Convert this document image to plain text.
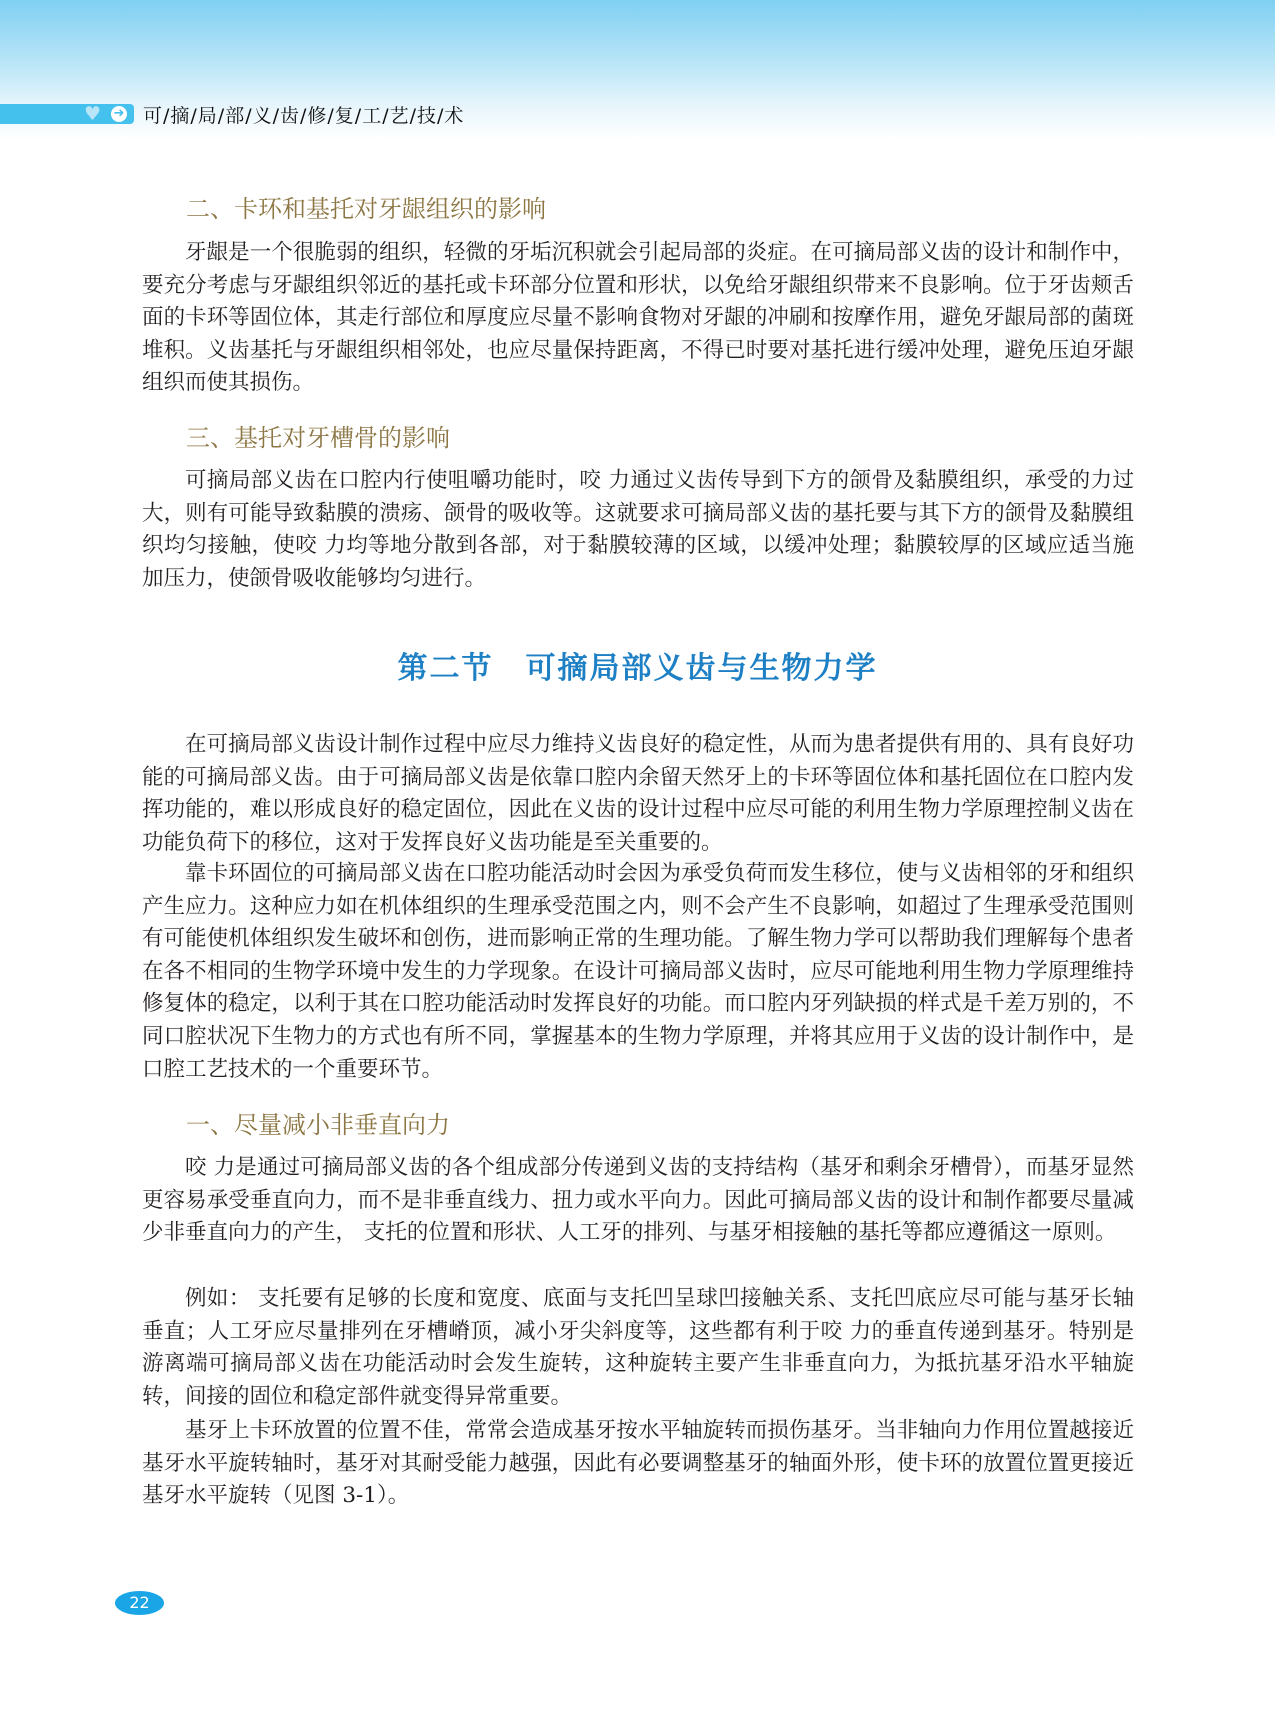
♥ ➜ 可/摘/局/部/义/齿/修/复/工/艺/技/术
二、卡环和基托对牙龈组织的影响

牙龈是一个很脆弱的组织，轻微的牙垢沉积就会引起局部的炎症。在可摘局部义齿的设计和制作中，要充分考虑与牙龈组织邻近的基托或卡环部分位置和形状，以免给牙龈组织带来不良影响。位于牙齿颊舌面的卡环等固位体，其走行部位和厚度应尽量不影响食物对牙龈的冲刷和按摩作用，避免牙龈局部的菌斑堆积。义齿基托与牙龈组织相邻处，也应尽量保持距离，不得已时要对基托进行缓冲处理，避免压迫牙龈组织而使其损伤。

三、基托对牙槽骨的影响

可摘局部义齿在口腔内行使咀嚼功能时，咬 力通过义齿传导到下方的颌骨及黏膜组织，承受的力过大，则有可能导致黏膜的溃疡、颌骨的吸收等。这就要求可摘局部义齿的基托要与其下方的颌骨及黏膜组织均匀接触，使咬 力均等地分散到各部，对于黏膜较薄的区域，以缓冲处理；黏膜较厚的区域应适当施加压力，使颌骨吸收能够均匀进行。

第二节　可摘局部义齿与生物力学

在可摘局部义齿设计制作过程中应尽力维持义齿良好的稳定性，从而为患者提供有用的、具有良好功能的可摘局部义齿。由于可摘局部义齿是依靠口腔内余留天然牙上的卡环等固位体和基托固位在口腔内发挥功能的，难以形成良好的稳定固位，因此在义齿的设计过程中应尽可能的利用生物力学原理控制义齿在功能负荷下的移位，这对于发挥良好义齿功能是至关重要的。

靠卡环固位的可摘局部义齿在口腔功能活动时会因为承受负荷而发生移位，使与义齿相邻的牙和组织产生应力。这种应力如在机体组织的生理承受范围之内，则不会产生不良影响，如超过了生理承受范围则有可能使机体组织发生破坏和创伤，进而影响正常的生理功能。了解生物力学可以帮助我们理解每个患者在各不相同的生物学环境中发生的力学现象。在设计可摘局部义齿时，应尽可能地利用生物力学原理维持修复体的稳定，以利于其在口腔功能活动时发挥良好的功能。而口腔内牙列缺损的样式是千差万别的，不同口腔状况下生物力的方式也有所不同，掌握基本的生物力学原理，并将其应用于义齿的设计制作中，是口腔工艺技术的一个重要环节。

一、尽量减小非垂直向力

咬 力是通过可摘局部义齿的各个组成部分传递到义齿的支持结构（基牙和剩余牙槽骨），而基牙显然更容易承受垂直向力，而不是非垂直线力、扭力或水平向力。因此可摘局部义齿的设计和制作都要尽量减少非垂直向力的产生， 支托的位置和形状、人工牙的排列、与基牙相接触的基托等都应遵循这一原则。

例如： 支托要有足够的长度和宽度、底面与支托凹呈球凹接触关系、支托凹底应尽可能与基牙长轴垂直；人工牙应尽量排列在牙槽嵴顶，减小牙尖斜度等，这些都有利于咬 力的垂直传递到基牙。特别是游离端可摘局部义齿在功能活动时会发生旋转，这种旋转主要产生非垂直向力，为抵抗基牙沿水平轴旋转，间接的固位和稳定部件就变得异常重要。

基牙上卡环放置的位置不佳，常常会造成基牙按水平轴旋转而损伤基牙。当非轴向力作用位置越接近基牙水平旋转轴时，基牙对其耐受能力越强，因此有必要调整基牙的轴面外形，使卡环的放置位置更接近基牙水平旋转（见图 3-1）。

22
